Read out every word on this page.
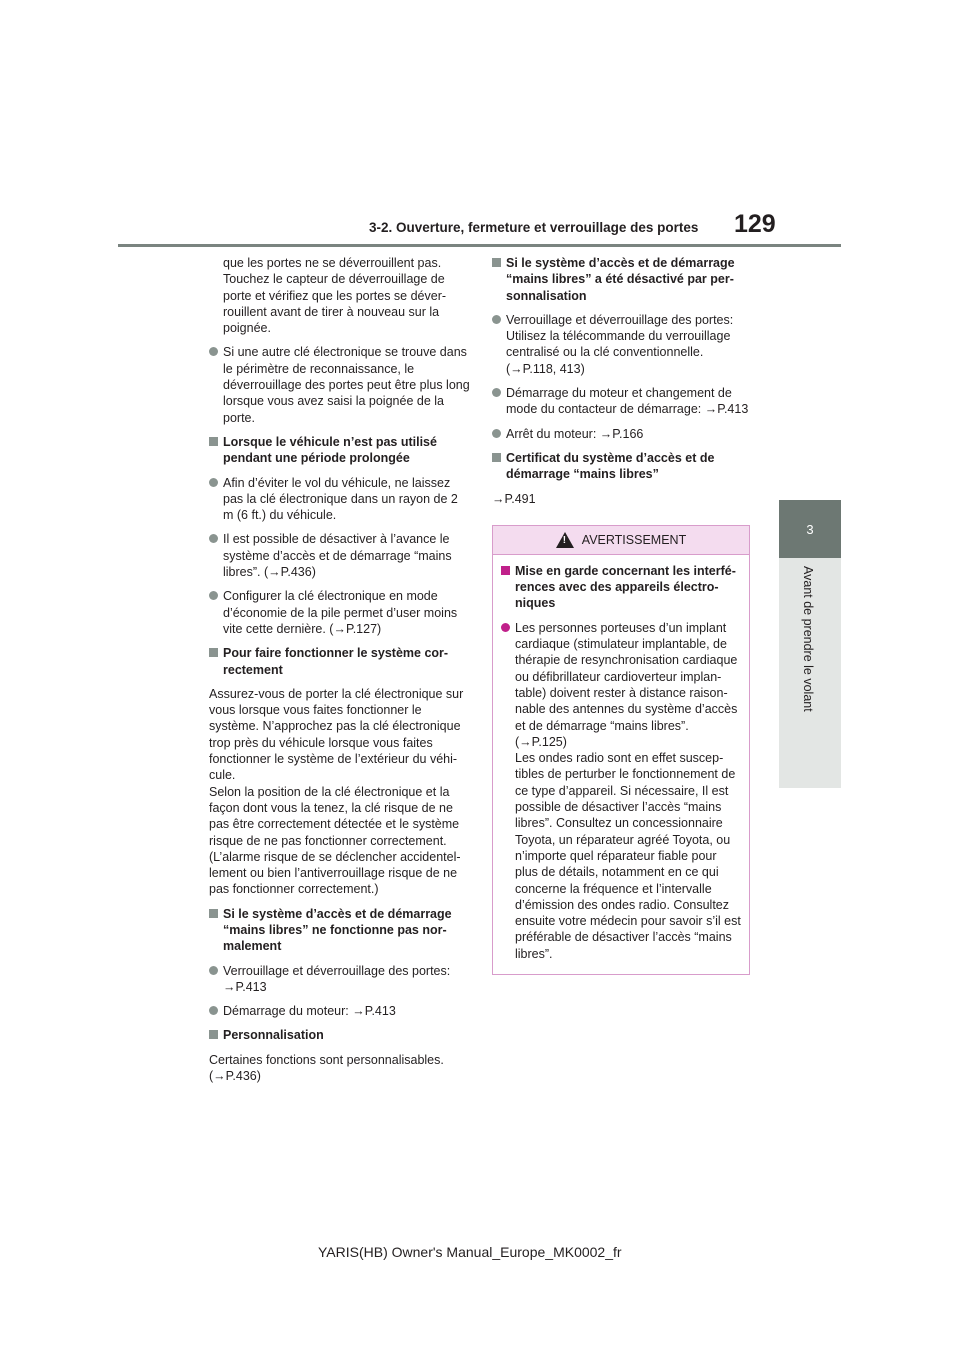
3-2. Ouverture, fermeture et verrouillage des portes 129
3
Avant de prendre le volant

que les portes ne se déverrouillent pas. Touchez le capteur de déverrouillage de porte et vérifiez que les portes se déver-rouillent avant de tirer à nouveau sur la poignée.

Si une autre clé électronique se trouve dans le périmètre de reconnaissance, le déverrouillage des portes peut être plus long lorsque vous avez saisi la poignée de la porte.
Lorsque le véhicule n’est pas utilisé pendant une période prolongée
Afin d’éviter le vol du véhicule, ne laissez pas la clé électronique dans un rayon de 2 m (6 ft.) du véhicule.
Il est possible de désactiver à l’avance le système d’accès et de démarrage “mains libres”. (→P.436)
Configurer la clé électronique en mode d’économie de la pile permet d’user moins vite cette dernière. (→P.127)
Pour faire fonctionner le système cor-rectement

Assurez-vous de porter la clé électronique sur vous lorsque vous faites fonctionner le système. N’approchez pas la clé électronique trop près du véhicule lorsque vous faites fonctionner le système de l’extérieur du véhi-cule.

Selon la position de la clé électronique et la façon dont vous la tenez, la clé risque de ne pas être correctement détectée et le système risque de ne pas fonctionner correctement. (L’alarme risque de se déclencher accidentel-lement ou bien l’antiverrouillage risque de ne pas fonctionner correctement.)

Si le système d’accès et de démarrage “mains libres” ne fonctionne pas nor-malement
Verrouillage et déverrouillage des portes: →P.413
Démarrage du moteur: →P.413
Personnalisation

Certaines fonctions sont personnalisables. (→P.436)

Si le système d’accès et de démarrage “mains libres” a été désactivé par per-sonnalisation
Verrouillage et déverrouillage des portes: Utilisez la télécommande du verrouillage centralisé ou la clé conventionnelle. (→P.118, 413)
Démarrage du moteur et changement de mode du contacteur de démarrage: →P.413
Arrêt du moteur: →P.166
Certificat du système d’accès et de démarrage “mains libres”

→P.491

! AVERTISSEMENT
Mise en garde concernant les interfé-rences avec des appareils électro-niques
Les personnes porteuses d’un implant cardiaque (stimulateur implantable, de thérapie de resynchronisation cardiaque ou défibrillateur cardioverteur implan-table) doivent rester à distance raison-nable des antennes du système d’accès et de démarrage “mains libres”. (→P.125)
Les ondes radio sont en effet suscep-tibles de perturber le fonctionnement de ce type d’appareil. Si nécessaire, Il est possible de désactiver l’accès “mains libres”. Consultez un concessionnaire Toyota, un réparateur agréé Toyota, ou n’importe quel réparateur fiable pour plus de détails, notamment en ce qui concerne la fréquence et l’intervalle d’émission des ondes radio. Consultez ensuite votre médecin pour savoir s’il est préférable de désactiver l’accès “mains libres”.
YARIS(HB) Owner's Manual_Europe_MK0002_fr
